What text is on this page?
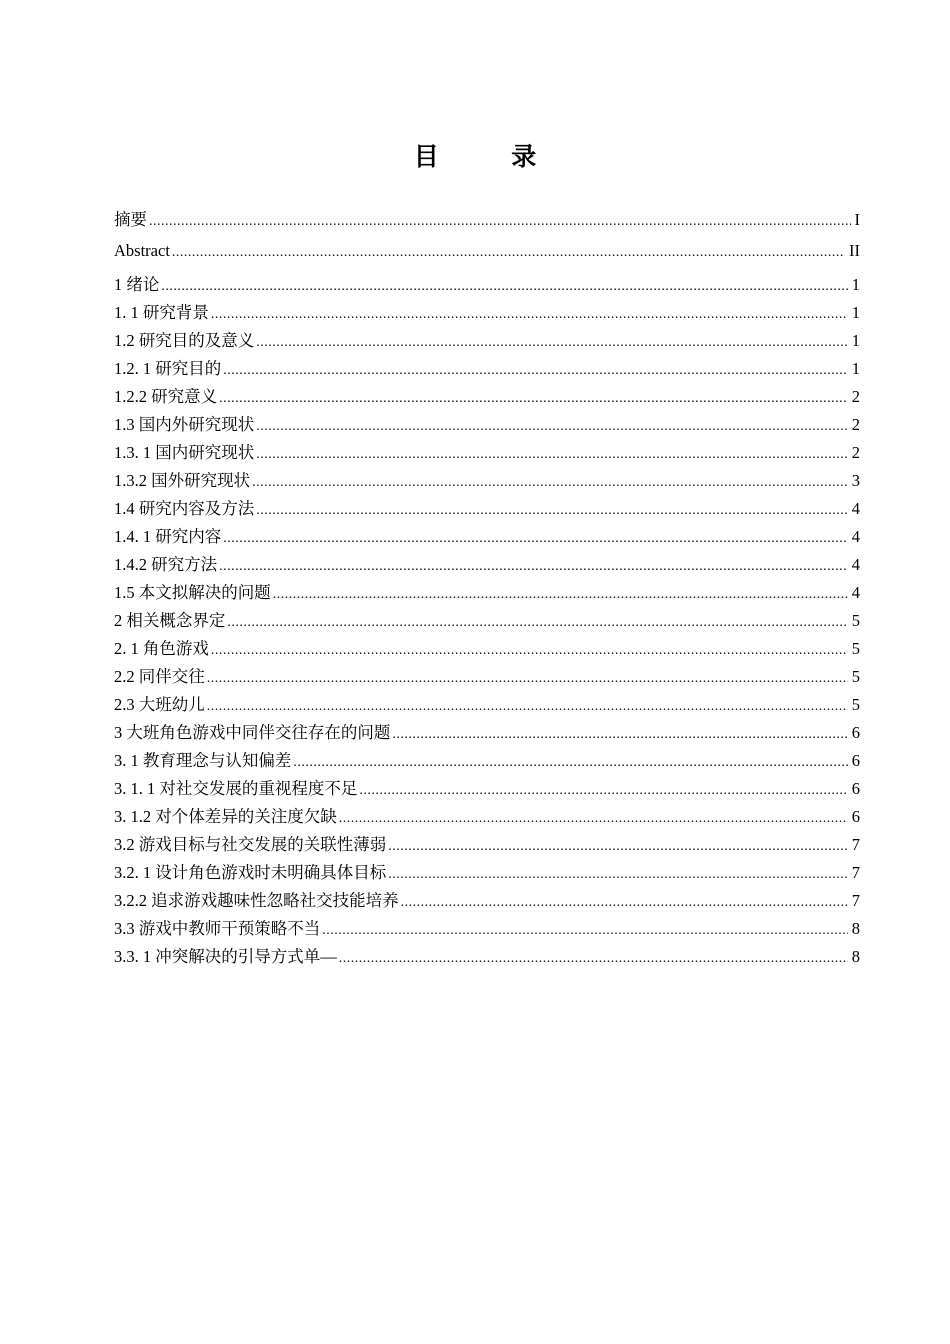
目　录
摘要 .....	I
Abstract .....	II
1 绪论 .....	1
1. 1 研究背景 .....	1
1.2 研究目的及意义 .....	1
1.2. 1 研究目的 .....	1
1.2.2 研究意义 .....	2
1.3 国内外研究现状 .....	2
1.3. 1 国内研究现状 .....	2
1.3.2 国外研究现状 .....	3
1.4 研究内容及方法 .....	4
1.4. 1 研究内容 .....	4
1.4.2 研究方法 .....	4
1.5 本文拟解决的问题 .....	4
2 相关概念界定 .....	5
2. 1 角色游戏 .....	5
2.2 同伴交往 .....	5
2.3 大班幼儿 .....	5
3 大班角色游戏中同伴交往存在的问题 .....	6
3. 1 教育理念与认知偏差 .....	6
3. 1. 1 对社交发展的重视程度不足 .....	6
3. 1.2 对个体差异的关注度欠缺 .....	6
3.2 游戏目标与社交发展的关联性薄弱 .....	7
3.2. 1 设计角色游戏时未明确具体目标 .....	7
3.2.2 追求游戏趣味性忽略社交技能培养 .....	7
3.3 游戏中教师干预策略不当 .....	8
3.3. 1 冲突解决的引导方式单— .....	8
